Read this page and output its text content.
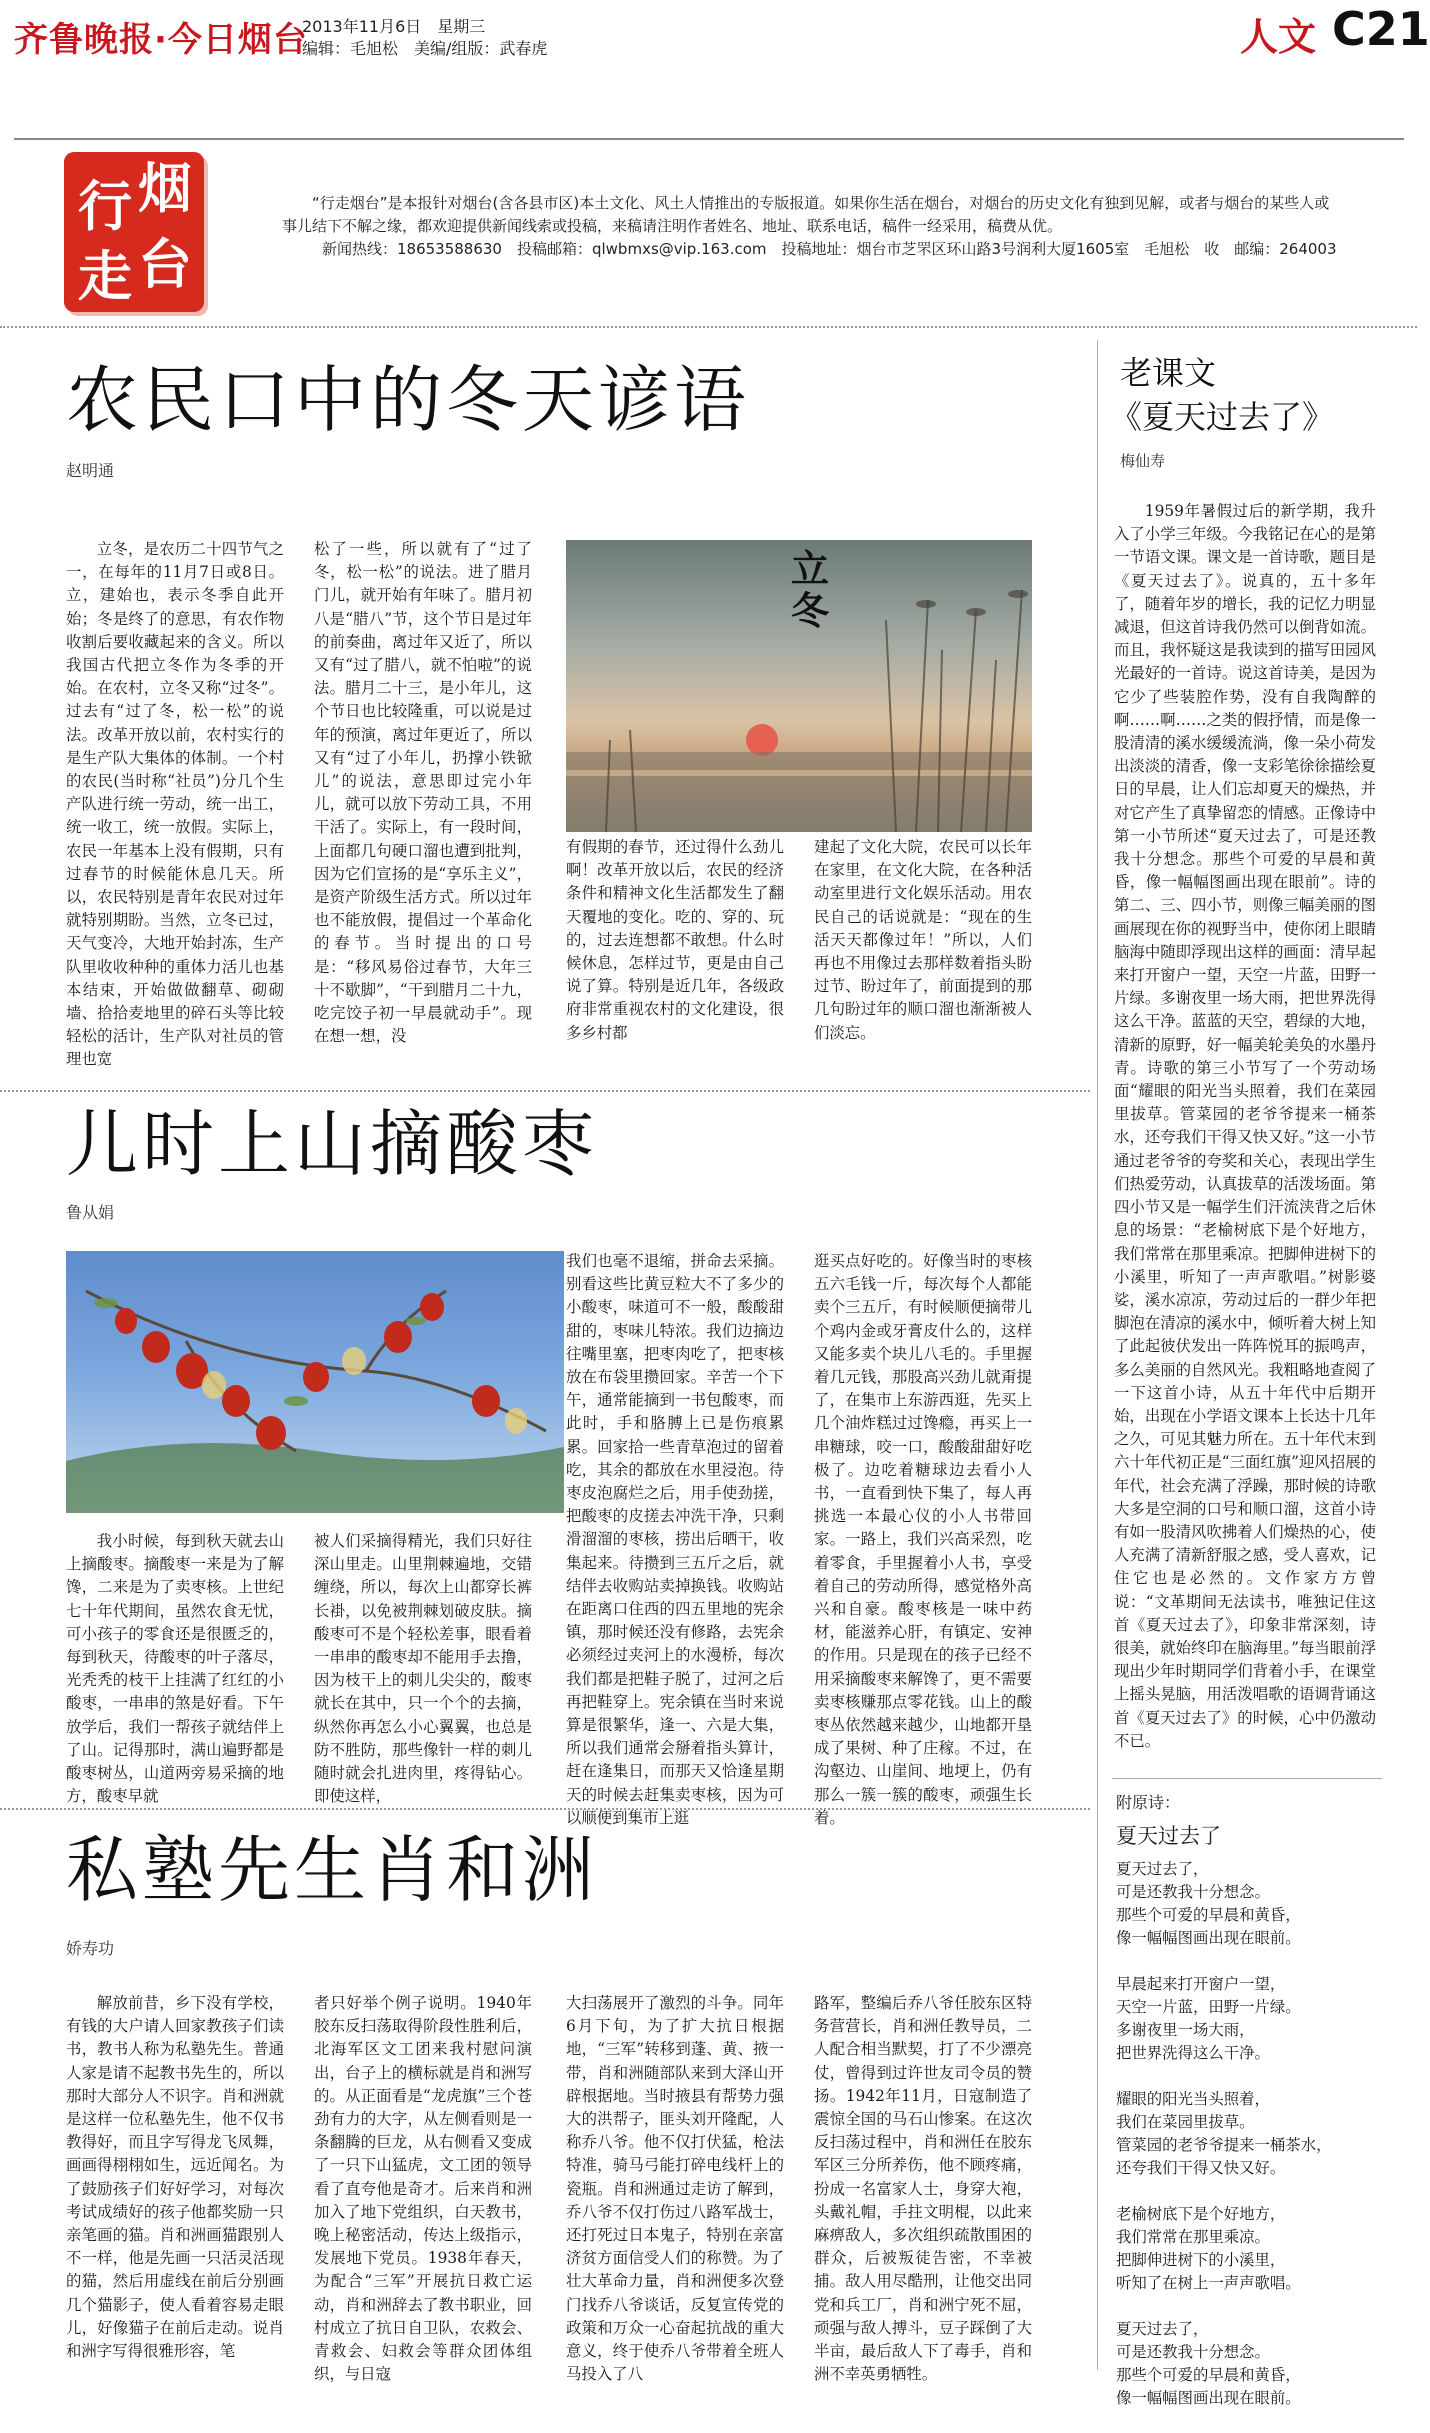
齐鲁晚报·今日烟台
2013年11月6日　星期三
编辑：毛旭松　美编/组版：武春虎	人文 C21
烟
行
台
走

“行走烟台”是本报针对烟台(含各县市区)本土文化、风土人情推出的专版报道。如果你生活在烟台，对烟台的历史文化有独到见解，或者与烟台的某些人或事儿结下不解之缘，都欢迎提供新闻线索或投稿，来稿请注明作者姓名、地址、联系电话，稿件一经采用，稿费从优。

新闻热线：18653588630　投稿邮箱：qlwbmxs@vip.163.com　投稿地址：烟台市芝罘区环山路3号润利大厦1605室　毛旭松　收　邮编：264003
农民口中的冬天谚语
赵明通

立冬，是农历二十四节气之一，在每年的11月7日或8日。立，建始也，表示冬季自此开始；冬是终了的意思，有农作物收割后要收藏起来的含义。所以我国古代把立冬作为冬季的开始。在农村，立冬又称“过冬”。过去有“过了冬，松一松”的说法。改革开放以前，农村实行的是生产队大集体的体制。一个村的农民(当时称“社员”)分几个生产队进行统一劳动，统一出工，统一收工，统一放假。实际上，农民一年基本上没有假期，只有过春节的时候能休息几天。所以，农民特别是青年农民对过年就特别期盼。当然，立冬已过，天气变冷，大地开始封冻，生产队里收收种种的重体力活儿也基本结束，开始做做翻草、砌砌墙、拾拾麦地里的碎石头等比较轻松的活计，生产队对社员的管理也宽

松了一些，所以就有了“过了冬，松一松”的说法。进了腊月门儿，就开始有年味了。腊月初八是“腊八”节，这个节日是过年的前奏曲，离过年又近了，所以又有“过了腊八，就不怕啦”的说法。腊月二十三，是小年儿，这个节日也比较隆重，可以说是过年的预演，离过年更近了，所以又有“过了小年儿，扔撑小铁锨儿”的说法，意思即过完小年儿，就可以放下劳动工具，不用干活了。实际上，有一段时间，上面都几句硬口溜也遭到批判，因为它们宣扬的是“享乐主义”，是资产阶级生活方式。所以过年也不能放假，提倡过一个革命化的春节。当时提出的口号是：“移风易俗过春节，大年三十不歇脚”，“干到腊月二十九，吃完饺子初一早晨就动手”。现在想一想，没

立冬

有假期的春节，还过得什么劲儿啊！改革开放以后，农民的经济条件和精神文化生活都发生了翻天覆地的变化。吃的、穿的、玩的，过去连想都不敢想。什么时候休息，怎样过节，更是由自己说了算。特别是近几年，各级政府非常重视农村的文化建设，很多乡村都

建起了文化大院，农民可以长年在家里，在文化大院，在各种活动室里进行文化娱乐活动。用农民自己的话说就是：“现在的生活天天都像过年！”所以，人们再也不用像过去那样数着指头盼过节、盼过年了，前面提到的那几句盼过年的顺口溜也渐渐被人们淡忘。

儿时上山摘酸枣
鲁从娟

我小时候，每到秋天就去山上摘酸枣。摘酸枣一来是为了解馋，二来是为了卖枣核。上世纪七十年代期间，虽然农食无忧，可小孩子的零食还是很匮乏的，每到秋天，待酸枣的叶子落尽，光秃秃的枝干上挂满了红红的小酸枣，一串串的煞是好看。下午放学后，我们一帮孩子就结伴上了山。记得那时，满山遍野都是酸枣树丛，山道两旁易采摘的地方，酸枣早就

被人们采摘得精光，我们只好往深山里走。山里荆棘遍地，交错缠绕，所以，每次上山都穿长裤长褂，以免被荆棘划破皮肤。摘酸枣可不是个轻松差事，眼看着一串串的酸枣却不能用手去撸，因为枝干上的刺儿尖尖的，酸枣就长在其中，只一个个的去摘，纵然你再怎么小心翼翼，也总是防不胜防，那些像针一样的刺儿随时就会扎进肉里，疼得钻心。即使这样，

我们也毫不退缩，拼命去采摘。别看这些比黄豆粒大不了多少的小酸枣，味道可不一般，酸酸甜甜的，枣味儿特浓。我们边摘边往嘴里塞，把枣肉吃了，把枣核放在布袋里攒回家。辛苦一个下午，通常能摘到一书包酸枣，而此时，手和胳膊上已是伤痕累累。回家拾一些青草泡过的留着吃，其余的都放在水里浸泡。待枣皮泡腐烂之后，用手使劲搓，把酸枣的皮搓去冲洗干净，只剩滑溜溜的枣核，捞出后晒干，收集起来。待攒到三五斤之后，就结伴去收购站卖掉换钱。收购站在距离口住西的四五里地的宪余镇，那时候还没有修路，去宪余必须经过夹河上的水漫桥，每次我们都是把鞋子脱了，过河之后再把鞋穿上。宪余镇在当时来说算是很繁华，逢一、六是大集，所以我们通常会掰着指头算计，赶在逢集日，而那天又恰逢星期天的时候去赶集卖枣核，因为可以顺便到集市上逛

逛买点好吃的。好像当时的枣核五六毛钱一斤，每次每个人都能卖个三五斤，有时候顺便摘带儿个鸡内金或牙膏皮什么的，这样又能多卖个块儿八毛的。手里握着几元钱，那股高兴劲儿就甭提了，在集市上东游西逛，先买上几个油炸糕过过馋瘾，再买上一串糖球，咬一口，酸酸甜甜好吃极了。边吃着糖球边去看小人书，一直看到快下集了，每人再挑选一本最心仪的小人书带回家。一路上，我们兴高采烈，吃着零食，手里握着小人书，享受着自己的劳动所得，感觉格外高兴和自豪。酸枣核是一味中药材，能滋养心肝，有镇定、安神的作用。只是现在的孩子已经不用采摘酸枣来解馋了，更不需要卖枣核赚那点零花钱。山上的酸枣丛依然越来越少，山地都开垦成了果树、种了庄稼。不过，在沟壑边、山崖间、地埂上，仍有那么一簇一簇的酸枣，顽强生长着。

私塾先生肖和洲
娇寿功

解放前昔，乡下没有学校，有钱的大户请人回家教孩子们读书，教书人称为私塾先生。普通人家是请不起教书先生的，所以那时大部分人不识字。肖和洲就是这样一位私塾先生，他不仅书教得好，而且字写得龙飞凤舞，画画得栩栩如生，远近闻名。为了鼓励孩子们好好学习，对每次考试成绩好的孩子他都奖励一只亲笔画的猫。肖和洲画猫跟别人不一样，他是先画一只活灵活现的猫，然后用虚线在前后分别画几个猫影子，使人看着容易走眼儿，好像猫子在前后走动。说肖和洲字写得很雅形容，笔

者只好举个例子说明。1940年胶东反扫荡取得阶段性胜利后，北海军区文工团来我村慰问演出，台子上的横标就是肖和洲写的。从正面看是“龙虎旗”三个苍劲有力的大字，从左侧看则是一条翻腾的巨龙，从右侧看又变成了一只下山猛虎，文工团的领导看了直夸他是奇才。后来肖和洲加入了地下党组织，白天教书，晚上秘密活动，传达上级指示，发展地下党员。1938年春天，为配合“三军”开展抗日救亡运动，肖和洲辞去了教书职业，回村成立了抗日自卫队，农救会、青救会、妇救会等群众团体组织，与日寇

大扫荡展开了激烈的斗争。同年6月下旬，为了扩大抗日根据地，“三军”转移到蓬、黄、掖一带，肖和洲随部队来到大泽山开辟根据地。当时掖县有帮势力强大的洪帮子，匪头刘开隆配，人称乔八爷。他不仅打伏猛，枪法特准，骑马弓能打碎电线杆上的瓷瓶。肖和洲通过走访了解到，乔八爷不仅打伤过八路军战士，还打死过日本鬼子，特别在亲富济贫方面信受人们的称赞。为了壮大革命力量，肖和洲便多次登门找乔八爷谈话，反复宣传党的政策和万众一心奋起抗战的重大意义，终于使乔八爷带着全班人马投入了八

路军，整编后乔八爷任胶东区特务营营长，肖和洲任教导员，二人配合相当默契，打了不少漂亮仗，曾得到过许世友司令员的赞扬。1942年11月，日寇制造了震惊全国的马石山惨案。在这次反扫荡过程中，肖和洲任在胶东军区三分所养伤，他不顾疼痛，扮成一名富家人士，身穿大袍，头戴礼帽，手拄文明棍，以此来麻痹敌人，多次组织疏散围困的群众，后被叛徒告密，不幸被捕。敌人用尽酷刑，让他交出同党和兵工厂，肖和洲宁死不屈，顽强与敌人搏斗，豆子踩倒了大半亩，最后敌人下了毒手，肖和洲不幸英勇牺牲。

老课文
《夏天过去了》
梅仙寿

1959年暑假过后的新学期，我升入了小学三年级。今我铭记在心的是第一节语文课。课文是一首诗歌，题目是《夏天过去了》。说真的，五十多年了，随着年岁的增长，我的记忆力明显减退，但这首诗我仍然可以倒背如流。而且，我怀疑这是我读到的描写田园风光最好的一首诗。说这首诗美，是因为它少了些装腔作势，没有自我陶醉的啊……啊……之类的假抒情，而是像一股清清的溪水缓缓流淌，像一朵小荷发出淡淡的清香，像一支彩笔徐徐描绘夏日的早晨，让人们忘却夏天的燥热，并对它产生了真挚留恋的情感。正像诗中第一小节所述“夏天过去了，可是还教我十分想念。那些个可爱的早晨和黄昏，像一幅幅图画出现在眼前”。诗的第二、三、四小节，则像三幅美丽的图画展现在你的视野当中，使你闭上眼睛脑海中随即浮现出这样的画面：清早起来打开窗户一望，天空一片蓝，田野一片绿。多谢夜里一场大雨，把世界洗得这么干净。蓝蓝的天空，碧绿的大地，清新的原野，好一幅美轮美奂的水墨丹青。诗歌的第三小节写了一个劳动场面“耀眼的阳光当头照着，我们在菜园里拔草。管菜园的老爷爷提来一桶茶水，还夸我们干得又快又好。”这一小节通过老爷爷的夸奖和关心，表现出学生们热爱劳动，认真拔草的活泼场面。第四小节又是一幅学生们汗流浃背之后休息的场景：“老榆树底下是个好地方，我们常常在那里乘凉。把脚伸进树下的小溪里，听知了一声声歌唱。”树影婆娑，溪水凉凉，劳动过后的一群少年把脚泡在清凉的溪水中，倾听着大树上知了此起彼伏发出一阵阵悦耳的振鸣声，多么美丽的自然风光。我粗略地查阅了一下这首小诗，从五十年代中后期开始，出现在小学语文课本上长达十几年之久，可见其魅力所在。五十年代末到六十年代初正是“三面红旗”迎风招展的年代，社会充满了浮躁，那时候的诗歌大多是空洞的口号和顺口溜，这首小诗有如一股清风吹拂着人们燥热的心，使人充满了清新舒服之感，受人喜欢，记住它也是必然的。文作家方方曾说：“文革期间无法读书，唯独记住这首《夏天过去了》，印象非常深刻，诗很美，就始终印在脑海里。”每当眼前浮现出少年时期同学们背着小手，在课堂上摇头晃脑，用活泼唱歌的语调背诵这首《夏天过去了》的时候，心中仍激动不已。

附原诗：
夏天过去了
夏天过去了，
可是还教我十分想念。
那些个可爱的早晨和黄昏，
像一幅幅图画出现在眼前。
早晨起来打开窗户一望，
天空一片蓝，田野一片绿。
多谢夜里一场大雨，
把世界洗得这么干净。
耀眼的阳光当头照着，
我们在菜园里拔草。
管菜园的老爷爷提来一桶茶水，
还夸我们干得又快又好。
老榆树底下是个好地方，
我们常常在那里乘凉。
把脚伸进树下的小溪里，
听知了在树上一声声歌唱。
夏天过去了，
可是还教我十分想念。
那些个可爱的早晨和黄昏，
像一幅幅图画出现在眼前。
